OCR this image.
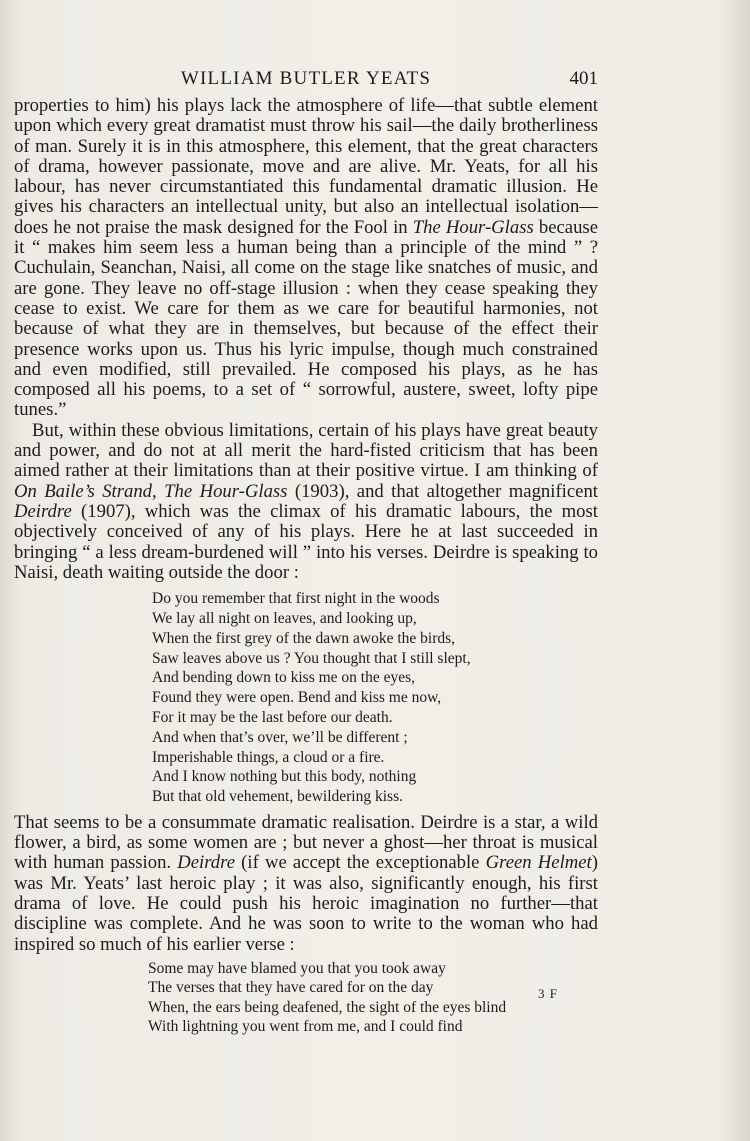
WILLIAM BUTLER YEATS	401

properties to him) his plays lack the atmosphere of life—that subtle element upon which every great dramatist must throw his sail—the daily brotherliness of man. Surely it is in this atmosphere, this element, that the great characters of drama, however passionate, move and are alive. Mr. Yeats, for all his labour, has never circumstantiated this fundamental dramatic illusion. He gives his characters an intellectual unity, but also an intellectual isolation—does he not praise the mask designed for the Fool in The Hour-Glass because it “ makes him seem less a human being than a principle of the mind ” ? Cuchulain, Seanchan, Naisi, all come on the stage like snatches of music, and are gone. They leave no off-stage illusion : when they cease speaking they cease to exist. We care for them as we care for beautiful harmonies, not because of what they are in themselves, but because of the effect their presence works upon us. Thus his lyric impulse, though much constrained and even modified, still prevailed. He composed his plays, as he has composed all his poems, to a set of “ sorrowful, austere, sweet, lofty pipe tunes.”

But, within these obvious limitations, certain of his plays have great beauty and power, and do not at all merit the hard-fisted criticism that has been aimed rather at their limitations than at their positive virtue. I am thinking of On Baile’s Strand, The Hour-Glass (1903), and that altogether magnificent Deirdre (1907), which was the climax of his dramatic labours, the most objectively conceived of any of his plays. Here he at last succeeded in bringing “ a less dream-burdened will ” into his verses. Deirdre is speaking to Naisi, death waiting outside the door :

Do you remember that first night in the woods
We lay all night on leaves, and looking up,
When the first grey of the dawn awoke the birds,
Saw leaves above us ? You thought that I still slept,
And bending down to kiss me on the eyes,
Found they were open. Bend and kiss me now,
For it may be the last before our death.
And when that’s over, we’ll be different ;
Imperishable things, a cloud or a fire.
And I know nothing but this body, nothing
But that old vehement, bewildering kiss.

That seems to be a consummate dramatic realisation. Deirdre is a star, a wild flower, a bird, as some women are ; but never a ghost—her throat is musical with human passion. Deirdre (if we accept the exceptionable Green Helmet) was Mr. Yeats’ last heroic play ; it was also, significantly enough, his first drama of love. He could push his heroic imagination no further—that discipline was complete. And he was soon to write to the woman who had inspired so much of his earlier verse :

Some may have blamed you that you took away
The verses that they have cared for on the day
When, the ears being deafened, the sight of the eyes blind
With lightning you went from me, and I could find
3 F
